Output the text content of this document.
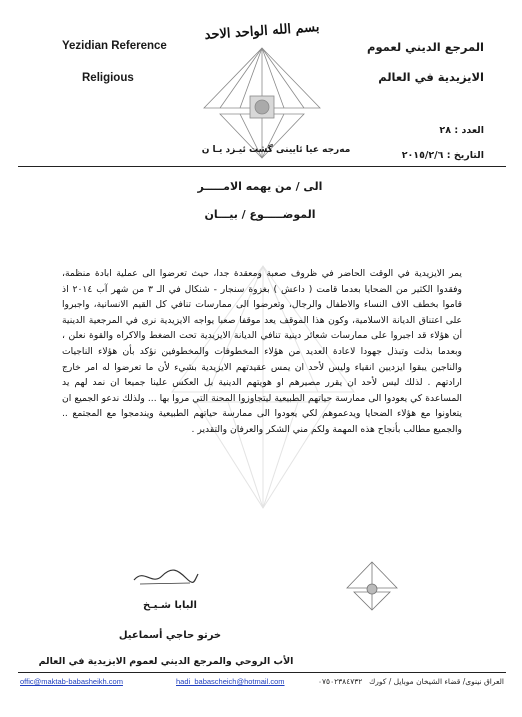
Yezidian Reference
Religious
المرجع الديني لعموم
الايزيدية في العالم
بسم الله الواحد الاحد
العدد : ٢٨
مەرجە عیا ئایینی گشت ئیـزد یـا ن	التاريخ : ٢٠١٥/٢/٦
الى / من يهمه الامـــــر
الموضـــــوع / بيـــان

يمر الايزيدية في الوقت الحاضر في ظروف صعبة ومعقدة جدا، حيث تعرضوا الى عملية ابادة منظمة، وفقدوا الكثير من الضحايا بعدما قامت ( داعش ) بغزوة سنجار - شنكال في الـ ٣ من شهر آب ٢٠١٤ اذ قاموا بخطف الاف النساء والاطفال والرجال، وتعرضوا الى ممارسات تنافي كل القيم الانسانية، واجبروا على اعتناق الديانة الاسلامية، وكون هذا الموقف يعد موقفا صعبا يواجه الايزيدية نرى في المرجعية الدينية أن هؤلاء قد اجبروا على ممارسات شعائر دينية تنافي الديانة الايزيدية تحت الضغط والاكراه والقوة نعلن ، وبعدما بذلت وتبذل جهودا لاعادة العديد من هؤلاء المخطوفات والمخطوفين نؤكد بأن هؤلاء الناجيات والناجين يبقوا ايزديين انقياء وليس لأحد ان يمس عقيدتهم الايزيدية بشيء لأن ما تعرضوا له امر خارج ارادتهم . لذلك ليس لأحد ان يقرر مصيرهم او هويتهم الدينية بل العكس علينا جميعا ان نمد لهم يد المساعدة كي يعودوا الى ممارسة حياتهم الطبيعية ليتجاوزوا المحنة التي مروا بها ... ولذلك ندعو الجميع ان يتعاونوا مع هؤلاء الضحايا ويدعموهم لكي يعودوا الى ممارسة حياتهم الطبيعية ويندمجوا مع المجتمع .. والجميع مطالب بأنجاح هذه المهمة ولكم مني الشكر والعرفان والتقدير .

البابا شـيـخ
خرتو حاجي أسماعيل
الأب الروحي والمرجع الديني لعموم الايزيدية في العالم
offic@maktab-babasheikh.com	hadi_babascheich@hotmail.com	٠٧٥٠٢٣٨٤٧٣٢ العراق نينوى/ قضاء الشيخان موبايل / كورك
